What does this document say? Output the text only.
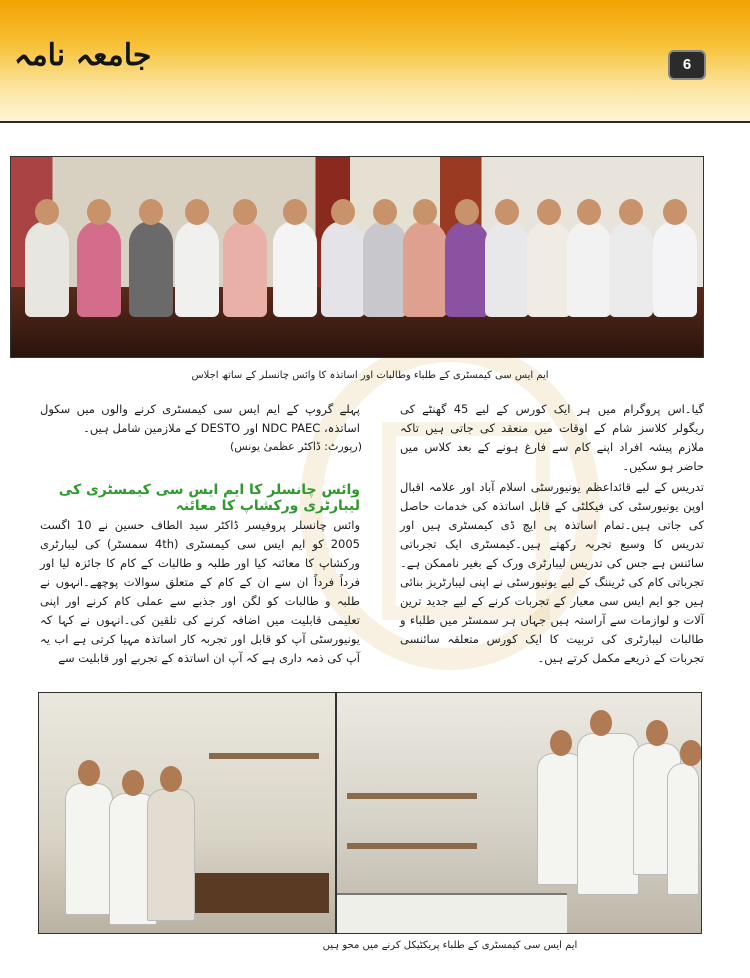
جامعہ نامہ	6
ایم ایس سی کیمسٹری کے طلباء وطالبات اور اساتذہ کا وائس چانسلر کے ساتھ اجلاس

گیا۔اس پروگرام میں ہر ایک کورس کے لیے 45 گھنٹے کی ریگولر کلاسز شام کے اوقات میں منعقد کی جاتی ہیں تاکہ ملازم پیشہ افراد اپنے کام سے فارغ ہونے کے بعد کلاس میں حاضر ہو سکیں۔

تدریس کے لیے قائداعظم یونیورسٹی اسلام آباد اور علامہ اقبال اوپن یونیورسٹی کی فیکلٹی کے قابل اساتذہ کی خدمات حاصل کی جاتی ہیں۔تمام اساتذہ پی ایچ ڈی کیمسٹری ہیں اور تدریس کا وسیع تجربہ رکھتے ہیں۔کیمسٹری ایک تجرباتی سائنس ہے جس کی تدریس لیبارٹری ورک کے بغیر ناممکن ہے۔تجرباتی کام کی ٹریننگ کے لیے یونیورسٹی نے اپنی لیبارٹریز بنائی ہیں جو ایم ایس سی معیار کے تجربات کرنے کے لیے جدید ترین آلات و لوازمات سے آراستہ ہیں جہاں ہر سمسٹر میں طلباء و طالبات لیبارٹری کی تربیت کا ایک کورس متعلقہ سائنسی تجربات کے ذریعے مکمل کرتے ہیں۔

پہلے گروپ کے ایم ایس سی کیمسٹری کرنے والوں میں سکول اساتذہ، NDC PAEC اور DESTO کے ملازمین شامل ہیں۔
(رپورٹ: ڈاکٹر عظمیٰ یونس)
وائس چانسلر کا ایم ایس سی کیمسٹری کی لیبارٹری ورکشاپ کا معائنہ
وائس چانسلر پروفیسر ڈاکٹر سید الطاف حسین نے 10 اگست 2005 کو ایم ایس سی کیمسٹری (4th سمسٹر) کی لیبارٹری ورکشاپ کا معائنہ کیا اور طلبہ و طالبات کے کام کا جائزہ لیا اور فرداً فرداً ان سے ان کے کام کے متعلق سوالات پوچھے۔انہوں نے طلبہ و طالبات کو لگن اور جذبے سے عملی کام کرنے اور اپنی تعلیمی قابلیت میں اضافہ کرنے کی تلقین کی۔انہوں نے کہا کہ یونیورسٹی آپ کو قابل اور تجربہ کار اساتذہ مہیا کرتی ہے اب یہ آپ کی ذمہ داری ہے کہ آپ ان اساتذہ کے تجربے اور قابلیت سے
ایم ایس سی کیمسٹری کے طلباء پریکٹیکل کرنے میں محو ہیں
